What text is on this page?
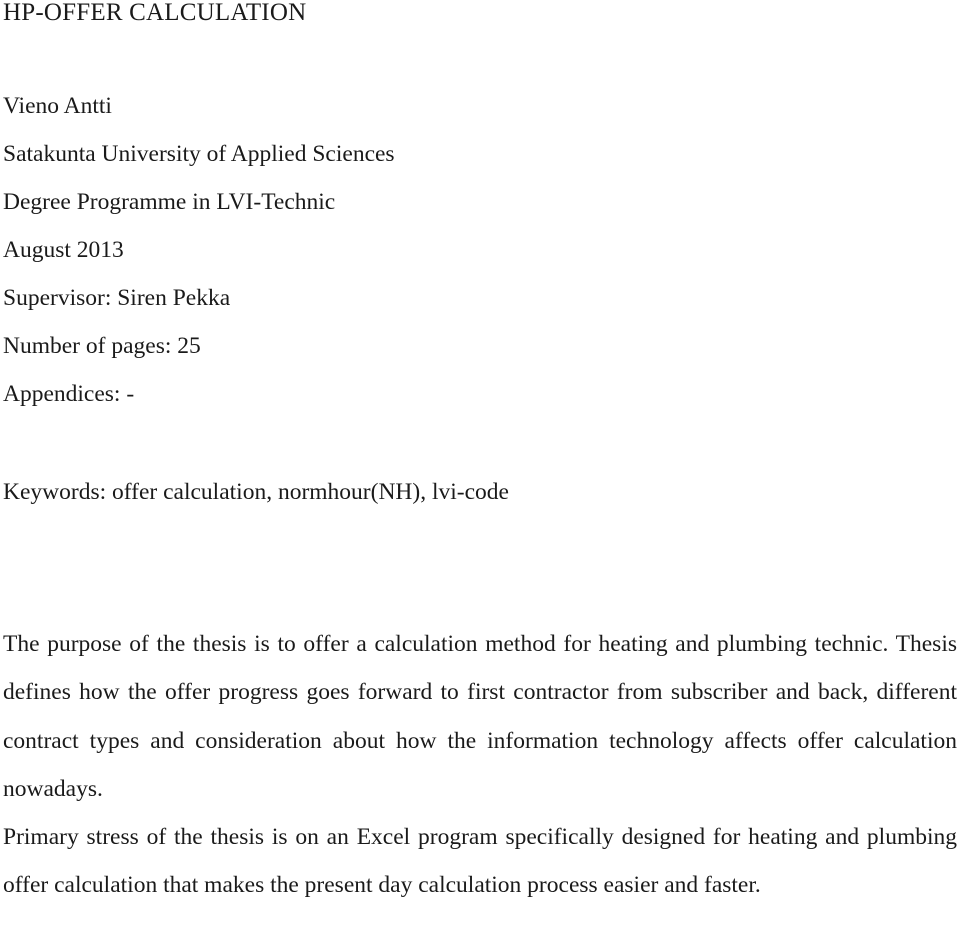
HP-OFFER CALCULATION
Vieno Antti
Satakunta University of Applied Sciences
Degree Programme in LVI-Technic
August 2013
Supervisor: Siren Pekka
Number of pages: 25
Appendices: -
Keywords: offer calculation, normhour(NH), lvi-code

The purpose of the thesis is to offer a calculation method for heating and plumbing technic. Thesis defines how the offer progress goes forward to first contractor from subscriber and back, different contract types and consideration about how the information technology affects offer calculation nowadays.

Primary stress of the thesis is on an Excel program specifically designed for heating and plumbing offer calculation that makes the present day calculation process easier and faster.
